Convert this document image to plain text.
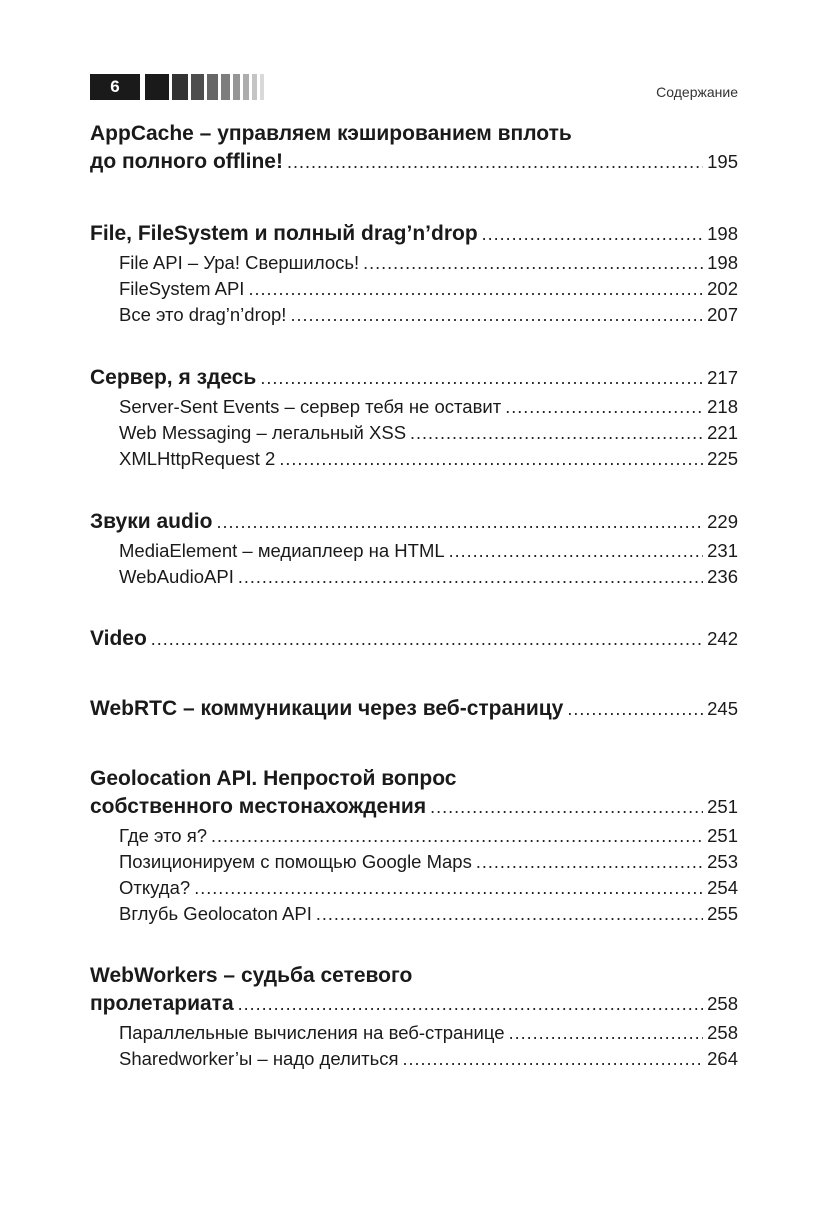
6	Содержание
AppCache – управляем кэшированием вплоть
до полного offline! . . .	195
File, FileSystem и полный drag’n’drop . . .	198
File API – Ура! Свершилось! . . .	198
FileSystem API . . .	202
Все это drag’n’drop! . . .	207
Сервер, я здесь . . .	217
Server-Sent Events – сервер тебя не оставит . . .	218
Web Messaging – легальный XSS . . .	221
XMLHttpRequest 2 . . .	225
Звуки audio . . .	229
MediaElement – медиаплеер на HTML . . .	231
WebAudioAPI . . .	236
Video . . .	242
WebRTC – коммуникации через веб-страницу . . .	245
Geolocation API. Непростой вопрос
собственного местонахождения . . .	251
Где это я? . . .	251
Позиционируем с помощью Google Maps . . .	253
Откуда? . . .	254
Вглубь Geolocaton API . . .	255
WebWorkers – судьба сетевого
пролетариата . . .	258
Параллельные вычисления на веб-странице . . .	258
Sharedworker’ы – надо делиться . . .	264
